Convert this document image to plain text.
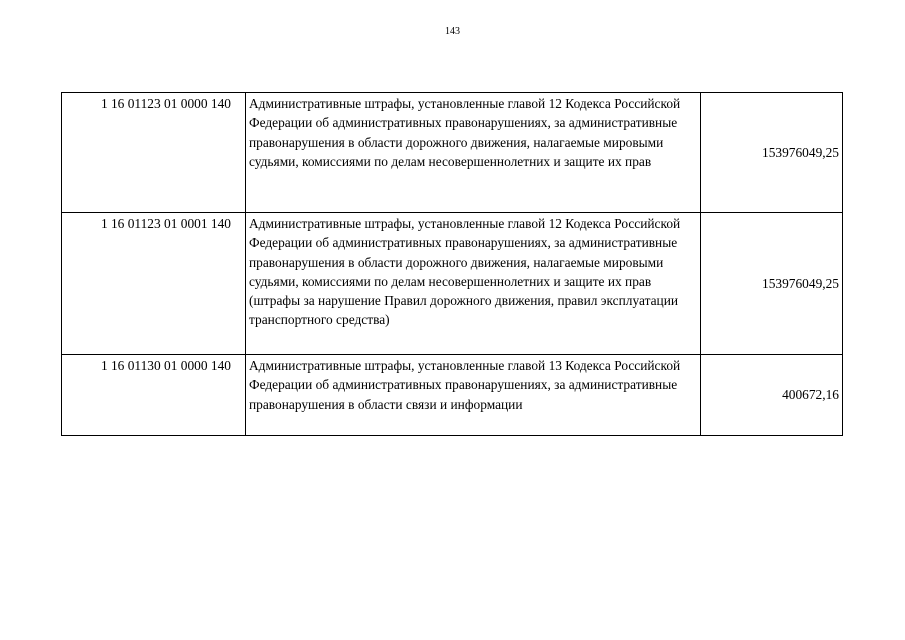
143
1 16 01123 01 0000 140	Административные штрафы, установленные главой 12 Кодекса Российской Федерации об административных правонарушениях, за административные правонарушения в области дорожного движения, налагаемые мировыми судьями, комиссиями по делам несовершеннолетних и защите их прав	153976049,25
1 16 01123 01 0001 140	Административные штрафы, установленные главой 12 Кодекса Российской Федерации об административных правонарушениях, за административные правонарушения в области дорожного движения, налагаемые мировыми судьями, комиссиями по делам несовершеннолетних и защите их прав (штрафы за нарушение Правил дорожного движения, правил эксплуатации транспортного средства)	153976049,25
1 16 01130 01 0000 140	Административные штрафы, установленные главой 13 Кодекса Российской Федерации об административных правонарушениях, за административные правонарушения в области связи и информации	400672,16
